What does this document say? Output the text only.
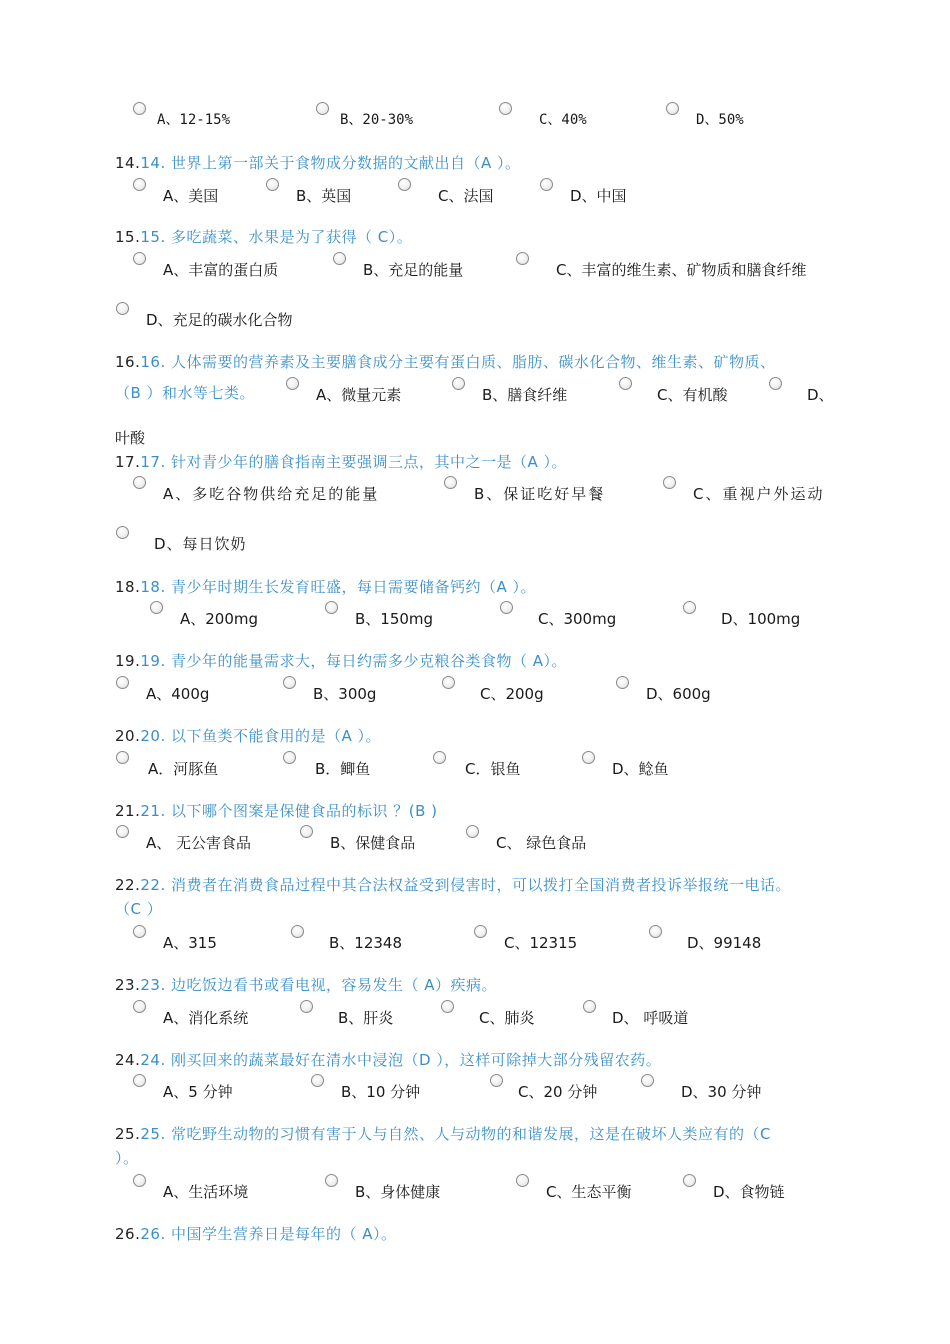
A、12-15%	B、20-30%	C、40%	D、50%
14.14. 世界上第一部关于食物成分数据的文献出自（A ）。
A、美国	B、英国	C、法国	D、中国
15.15. 多吃蔬菜、水果是为了获得（ C）。
A、丰富的蛋白质	B、充足的能量	C、丰富的维生素、矿物质和膳食纤维
D、充足的碳水化合物
16.16. 人体需要的营养素及主要膳食成分主要有蛋白质、脂肪、碳水化合物、维生素、矿物质、
（B ）和水等七类。	A、微量元素	B、膳食纤维	C、有机酸	D、
叶酸
17.17. 针对青少年的膳食指南主要强调三点，其中之一是（A ）。
A、多吃谷物供给充足的能量	B、保证吃好早餐	C、重视户外运动
D、每日饮奶
18.18. 青少年时期生长发育旺盛，每日需要储备钙约（A ）。
A、200mg	B、150mg	C、300mg	D、100mg
19.19. 青少年的能量需求大，每日约需多少克粮谷类食物（ A）。
A、400g	B、300g	C、200g	D、600g
20.20. 以下鱼类不能食用的是（A ）。
A．河豚鱼	B．鲫鱼	C．银鱼	D、鲶鱼
21.21. 以下哪个图案是保健食品的标识 ？(B )
A、 无公害食品	B、保健食品	C、 绿色食品
22.22. 消费者在消费食品过程中其合法权益受到侵害时，可以拨打全国消费者投诉举报统一电话。
（C ）
A、315	B、12348	C、12315	D、99148
23.23. 边吃饭边看书或看电视，容易发生（ A）疾病。
A、消化系统	B、肝炎	C、肺炎	D、 呼吸道
24.24. 刚买回来的蔬菜最好在清水中浸泡（D ），这样可除掉大部分残留农药。
A、5 分钟	B、10 分钟	C、20 分钟	D、30 分钟
25.25. 常吃野生动物的习惯有害于人与自然、人与动物的和谐发展，这是在破坏人类应有的（C
）。
A、生活环境	B、身体健康	C、生态平衡	D、食物链
26.26. 中国学生营养日是每年的（ A）。
